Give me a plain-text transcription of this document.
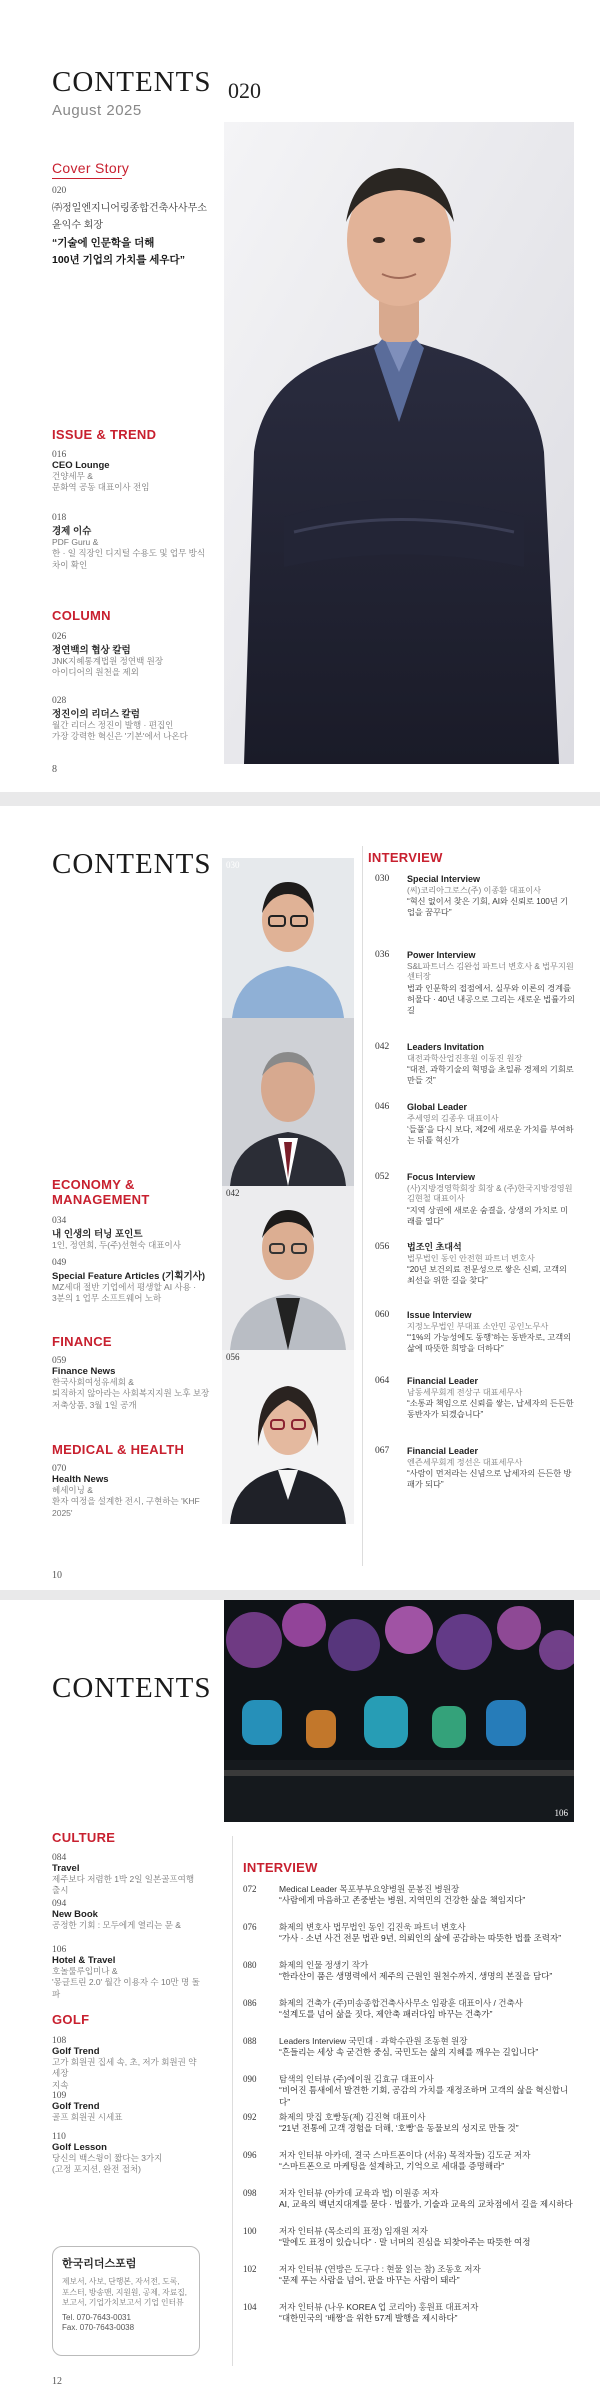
CONTENTS
August 2025
020
Cover Story
020
㈜정일엔지니어링종합건축사사무소
윤익수 회장
“기술에 인문학을 더해
100년 기업의 가치를 세우다”
ISSUE & TREND
016
CEO Lounge
건양세무 &
문화역 공동 대표이사 전임
018
경제 이슈
PDF Guru &
한 · 일 직장인 디지털 수용도 및 업무 방식
차이 확인
COLUMN
026
정연백의 협상 칼럼
JNK지혜통계법원 정연백 원장
아이디어의 원천을 제외
028
정진이의 리더스 칼럼
월간 리더스 정진이 발행 · 편집인
가장 강력한 혁신은 '기본'에서 나온다
8
CONTENTS 030
042
056
ECONOMY &
MANAGEMENT
034
내 인생의 터닝 포인트
1인, 정연희, 두(주)선현숙 대표이사
049
Special Feature Articles (기획기사)
MZ세대 절반 기업에서 평생할 AI 사용 ·
3분의 1 업무 소프트웨어 노하
FINANCE
059
Finance News
한국사회여성유세회 &
퇴직하지 않아라는 사회복지지원 노후 보장
저축상품, 3월 1일 공개
MEDICAL & HEALTH
070
Health News
헤세이닝 &
환자 여정을 설계한 전시, 구현하는 'KHF
2025'
INTERVIEW
030	Special Interview
(씨)코리아그로스(주) 이종환 대표이사
“혁신 없이서 찾은 기회, AI와 신뢰로 100년 기업을 꿈꾸다”
036	Power Interview
S&L파트너스 김완섭 파트너 변호사 & 법무지원 센터장
법과 인문학의 접점에서, 실무와 이론의 경계를 허물다 · 40년 내공으로 그리는 새로운 법률가의 길
042	Leaders Invitation
대전과학산업진흥원 이동진 원장
“대전, 과학기술의 혁명을 초일류 경제의 기회로 만들 것”
046	Global Leader
주세영의 김종우 대표이사
‘들풀’을 다시 보다, 제2에 새로운 가치를 부여하는 뒤틀 혁신가
052	Focus Interview
(사)지방경영학회장 회장 & (주)한국지방경영원 김현철 대표이사
“지역 상권에 새로운 숨결을, 상생의 가치로 미래를 열다”
056	법조인 초대석
법무법인 동인 안전현 파트너 변호사
“20년 보건의료 전문성으로 쌓은 신뢰, 고객의 최선을 위한 길을 찾다”
060	Issue Interview
지정노무법인 부대표 소안민 공인노무사
“‘1%의 가능성에도 동행’하는 동반자로, 고객의 삶에 따뜻한 희망을 더하다”
064	Financial Leader
남동세무회계 전상구 대표세무사
“소통과 책임으로 신뢰를 쌓는, 납세자의 든든한 동반자가 되겠습니다”
067	Financial Leader
엔즌세무회계 정선은 대표세무사
“사람이 먼저라는 신념으로 납세자의 든든한 방패가 되다”
10
CONTENTS
106
CULTURE
084
Travel
제주보다 저렴한 1박 2일 일본골프여행 출시
094
New Book
공정한 기회 : 모두에게 열리는 문 &
106
Hotel & Travel
호놀룰루입미나 &
'몽글트린 2.0' 월간 이용자 수 10만 명 돌파
GOLF
108
Golf Trend
고가 회원권 집세 속, 초, 저가 회원권 약세장
지속
109
Golf Trend
골프 회원권 시세표
110
Golf Lesson
당신의 백스윙이 짧다는 3가지
(고정 포지션, 완전 접처)
한국리더스포럼
제보서, 사보, 단행본, 자서전, 도록,
포스터, 방송맨, 지원원, 공제, 자료집,
보고서, 기업가치보고서 기업 인터뷰
Tel. 070-7643-0031
Fax. 070-7643-0038
INTERVIEW
072	Medical Leader 목포부부요양병원 문봉진 병원장
“사람에게 마음하고 존중받는 병원, 지역민의 건강한 삶을 책임지다”
076	화제의 변호사 법무법인 동인 김진욱 파트너 변호사
“가사 · 소년 사건 전문 법관 9년, 의뢰인의 삶에 공감하는 따뜻한 법률 조력자”
080	화제의 인물 정생기 작가
“한라산이 품은 생명력에서 제주의 근원인 원천수까지, 생명의 본질을 담다”
086	화제의 건축가 (주)미송종합건축사사무소 임광훈 대표이사 / 건축사
“설계도를 넘어 삶을 짓다, 제안축 패러다임 바꾸는 건축가”
088	Leaders Interview 국민대 · 과학수관원 조동현 원장
“흔들리는 세상 속 굳건한 중심, 국민도는 삶의 지혜를 깨우는 길입니다”
090	탐색의 인터뷰 (주)에이원 김효규 대표이사
“비어진 틈새에서 발견한 기회, 공감의 가치를 재정조하며 고객의 삶을 혁신합니다”
092	화제의 맛집 호빵동(제) 김진혁 대표이사
“21년 전통에 고객 경험을 더해, ‘호빵’을 동물보의 성지로 만들 것”
096	저자 인터뷰 아카데, 결국 스마트폰이다 (서유) 목적자들) 김도균 저자
“스마트폰으로 마케팅을 설계하고, 기억으로 세대를 증명해라”
098	저자 인터뷰 (아카데 교육과 법) 이원종 저자
AI, 교육의 백년지대계를 묻다 · 법률가, 기술과 교육의 교차점에서 길을 제시하다
100	저자 인터뷰 (목소리의 표정) 임재원 저자
“말에도 표정이 있습니다” · 말 너머의 진심을 되찾아주는 따뜻한 여정
102	저자 인터뷰 (연방은 도구다 : 현물 읽는 참) 조동호 저자
“문제 푸는 사람을 넘어, 판을 바꾸는 사람이 돼라”
104	저자 인터뷰 (나우 KOREA 업 코리아) 홍원표 대표저자
“대한민국의 ‘배짱’을 위한 57계 발행을 제시하다”
12
